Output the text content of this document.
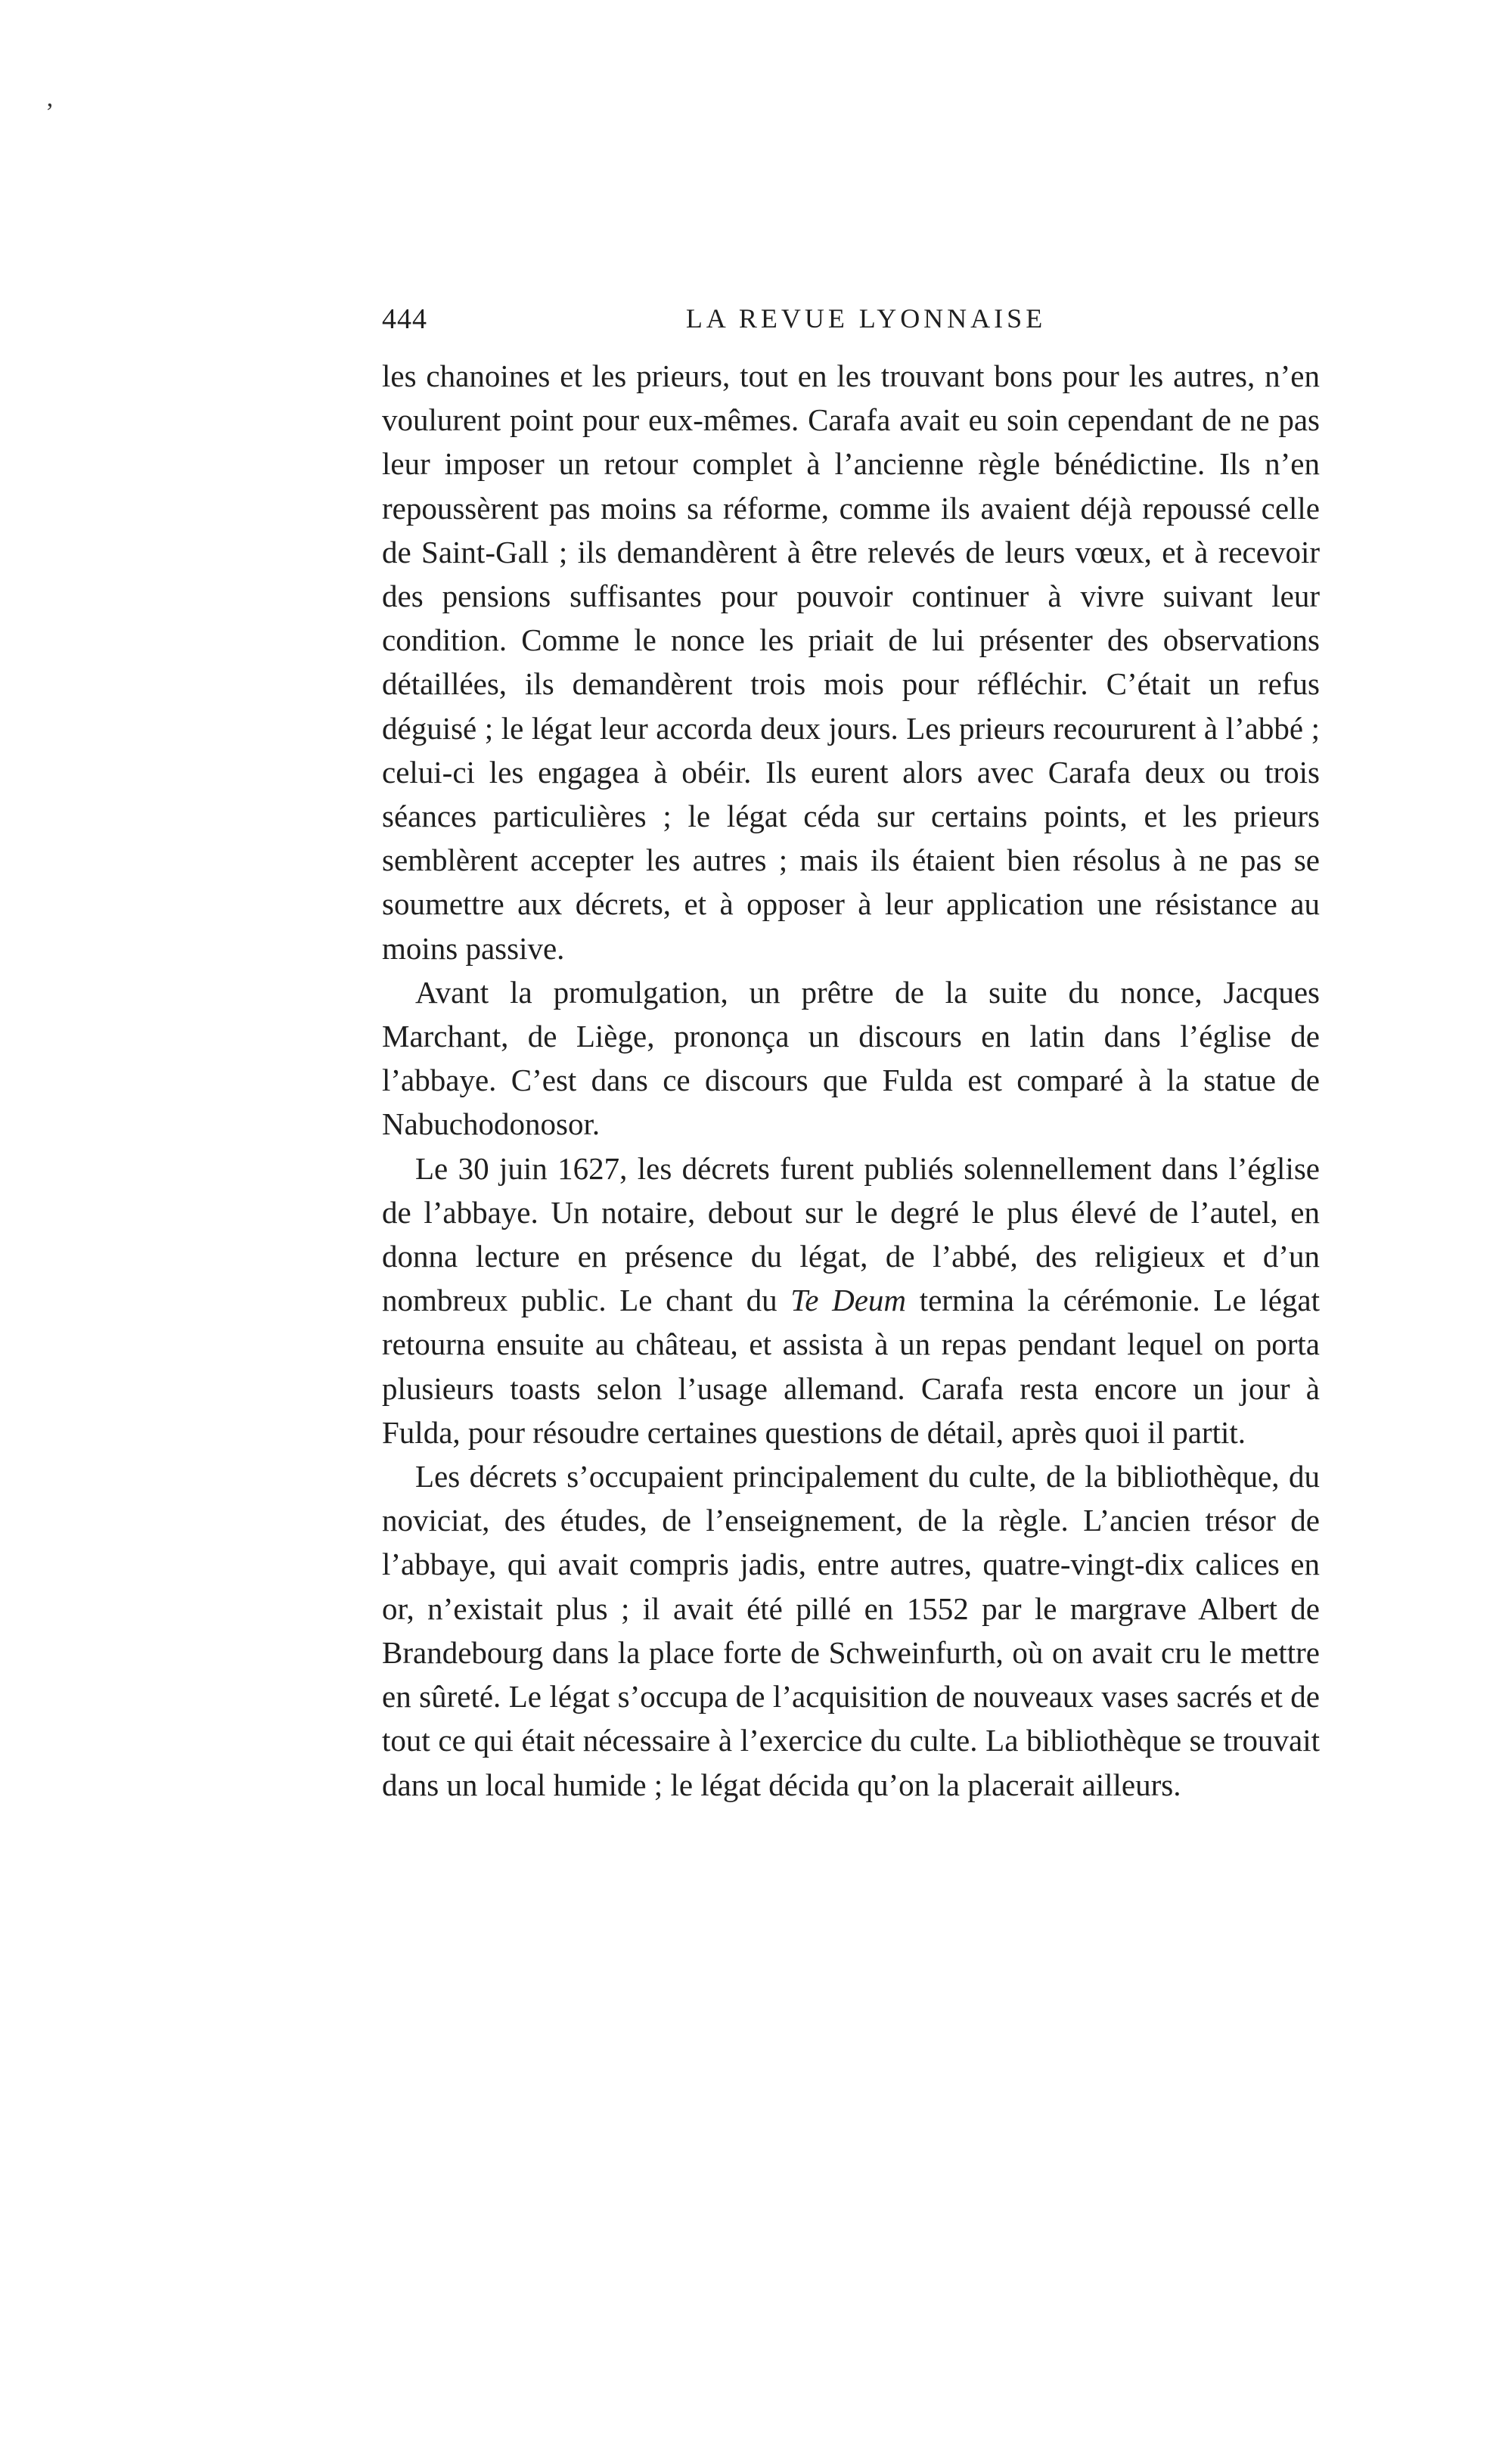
’
444	LA REVUE LYONNAISE

les chanoines et les prieurs, tout en les trouvant bons pour les autres, n’en voulurent point pour eux-mêmes. Carafa avait eu soin cependant de ne pas leur imposer un retour complet à l’ancienne règle bénédictine. Ils n’en repoussèrent pas moins sa réforme, comme ils avaient déjà repoussé celle de Saint-Gall ; ils demandèrent à être relevés de leurs vœux, et à recevoir des pensions suffisantes pour pouvoir continuer à vivre suivant leur condition. Comme le nonce les priait de lui présenter des observations détaillées, ils demandèrent trois mois pour réfléchir. C’était un refus déguisé ; le légat leur accorda deux jours. Les prieurs recoururent à l’abbé ; celui-ci les engagea à obéir. Ils eurent alors avec Carafa deux ou trois séances particulières ; le légat céda sur certains points, et les prieurs semblèrent accepter les autres ; mais ils étaient bien résolus à ne pas se soumettre aux décrets, et à opposer à leur application une résistance au moins passive.

Avant la promulgation, un prêtre de la suite du nonce, Jacques Marchant, de Liège, prononça un discours en latin dans l’église de l’abbaye. C’est dans ce discours que Fulda est comparé à la statue de Nabuchodonosor.

Le 30 juin 1627, les décrets furent publiés solennellement dans l’église de l’abbaye. Un notaire, debout sur le degré le plus élevé de l’autel, en donna lecture en présence du légat, de l’abbé, des religieux et d’un nombreux public. Le chant du Te Deum termina la cérémonie. Le légat retourna ensuite au château, et assista à un repas pendant lequel on porta plusieurs toasts selon l’usage allemand. Carafa resta encore un jour à Fulda, pour résoudre certaines questions de détail, après quoi il partit.

Les décrets s’occupaient principalement du culte, de la bibliothèque, du noviciat, des études, de l’enseignement, de la règle. L’ancien trésor de l’abbaye, qui avait compris jadis, entre autres, quatre-vingt-dix calices en or, n’existait plus ; il avait été pillé en 1552 par le margrave Albert de Brandebourg dans la place forte de Schweinfurth, où on avait cru le mettre en sûreté. Le légat s’occupa de l’acquisition de nouveaux vases sacrés et de tout ce qui était nécessaire à l’exercice du culte. La bibliothèque se trouvait dans un local humide ; le légat décida qu’on la placerait ailleurs.
